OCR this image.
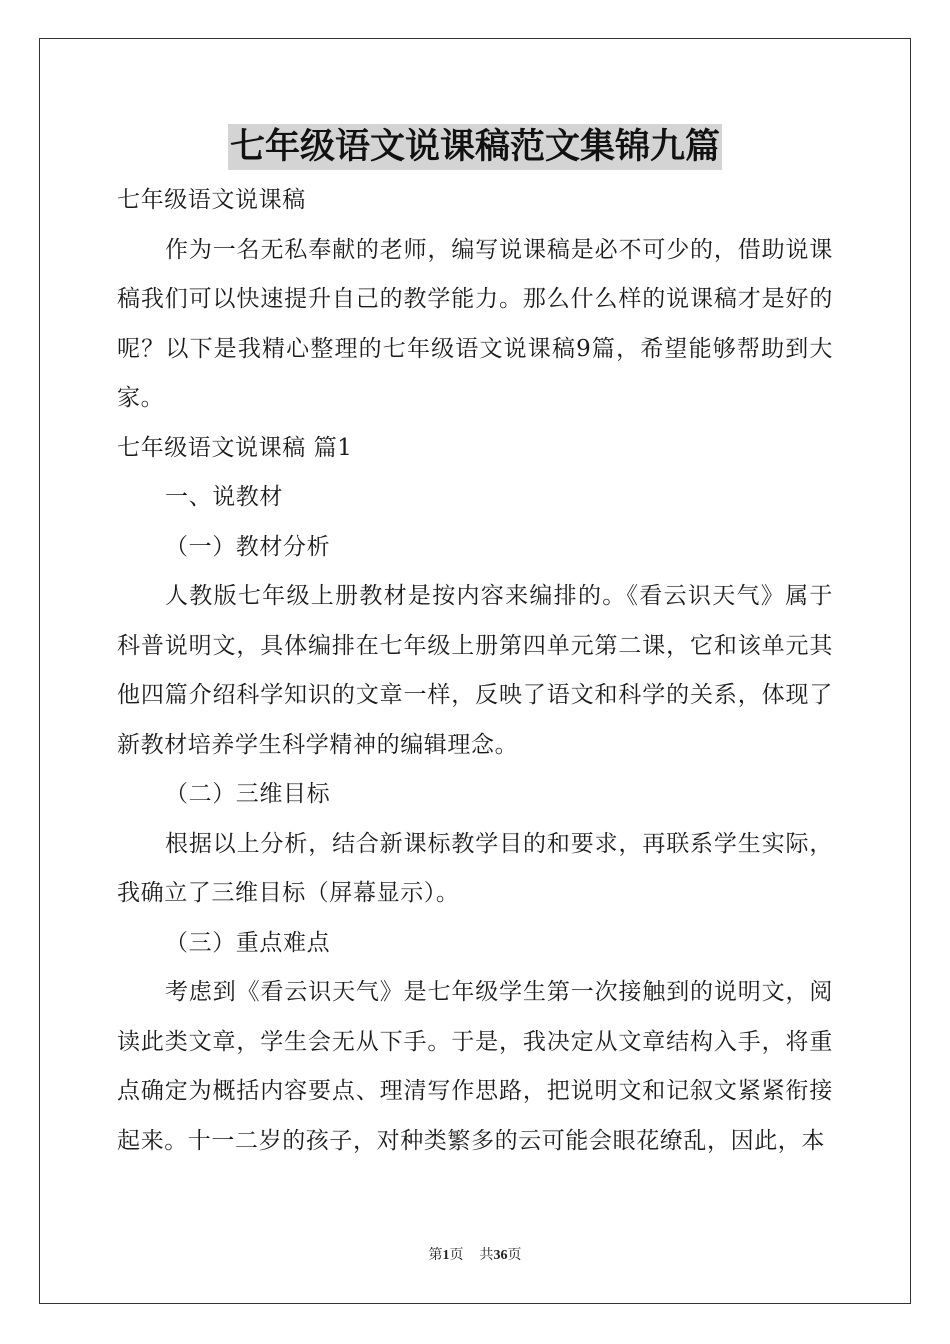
七年级语文说课稿范文集锦九篇

七年级语文说课稿

作为一名无私奉献的老师，编写说课稿是必不可少的，借助说课稿我们可以快速提升自己的教学能力。那么什么样的说课稿才是好的呢？以下是我精心整理的七年级语文说课稿9篇，希望能够帮助到大家。

七年级语文说课稿 篇1

一、说教材

（一）教材分析

人教版七年级上册教材是按内容来编排的。《看云识天气》属于科普说明文，具体编排在七年级上册第四单元第二课，它和该单元其他四篇介绍科学知识的文章一样，反映了语文和科学的关系，体现了新教材培养学生科学精神的编辑理念。

（二）三维目标

根据以上分析，结合新课标教学目的和要求，再联系学生实际，我确立了三维目标（屏幕显示）。

（三）重点难点

考虑到《看云识天气》是七年级学生第一次接触到的说明文，阅读此类文章，学生会无从下手。于是，我决定从文章结构入手，将重点确定为概括内容要点、理清写作思路，把说明文和记叙文紧紧衔接起来。十一二岁的孩子，对种类繁多的云可能会眼花缭乱，因此，本

第1页 共36页
